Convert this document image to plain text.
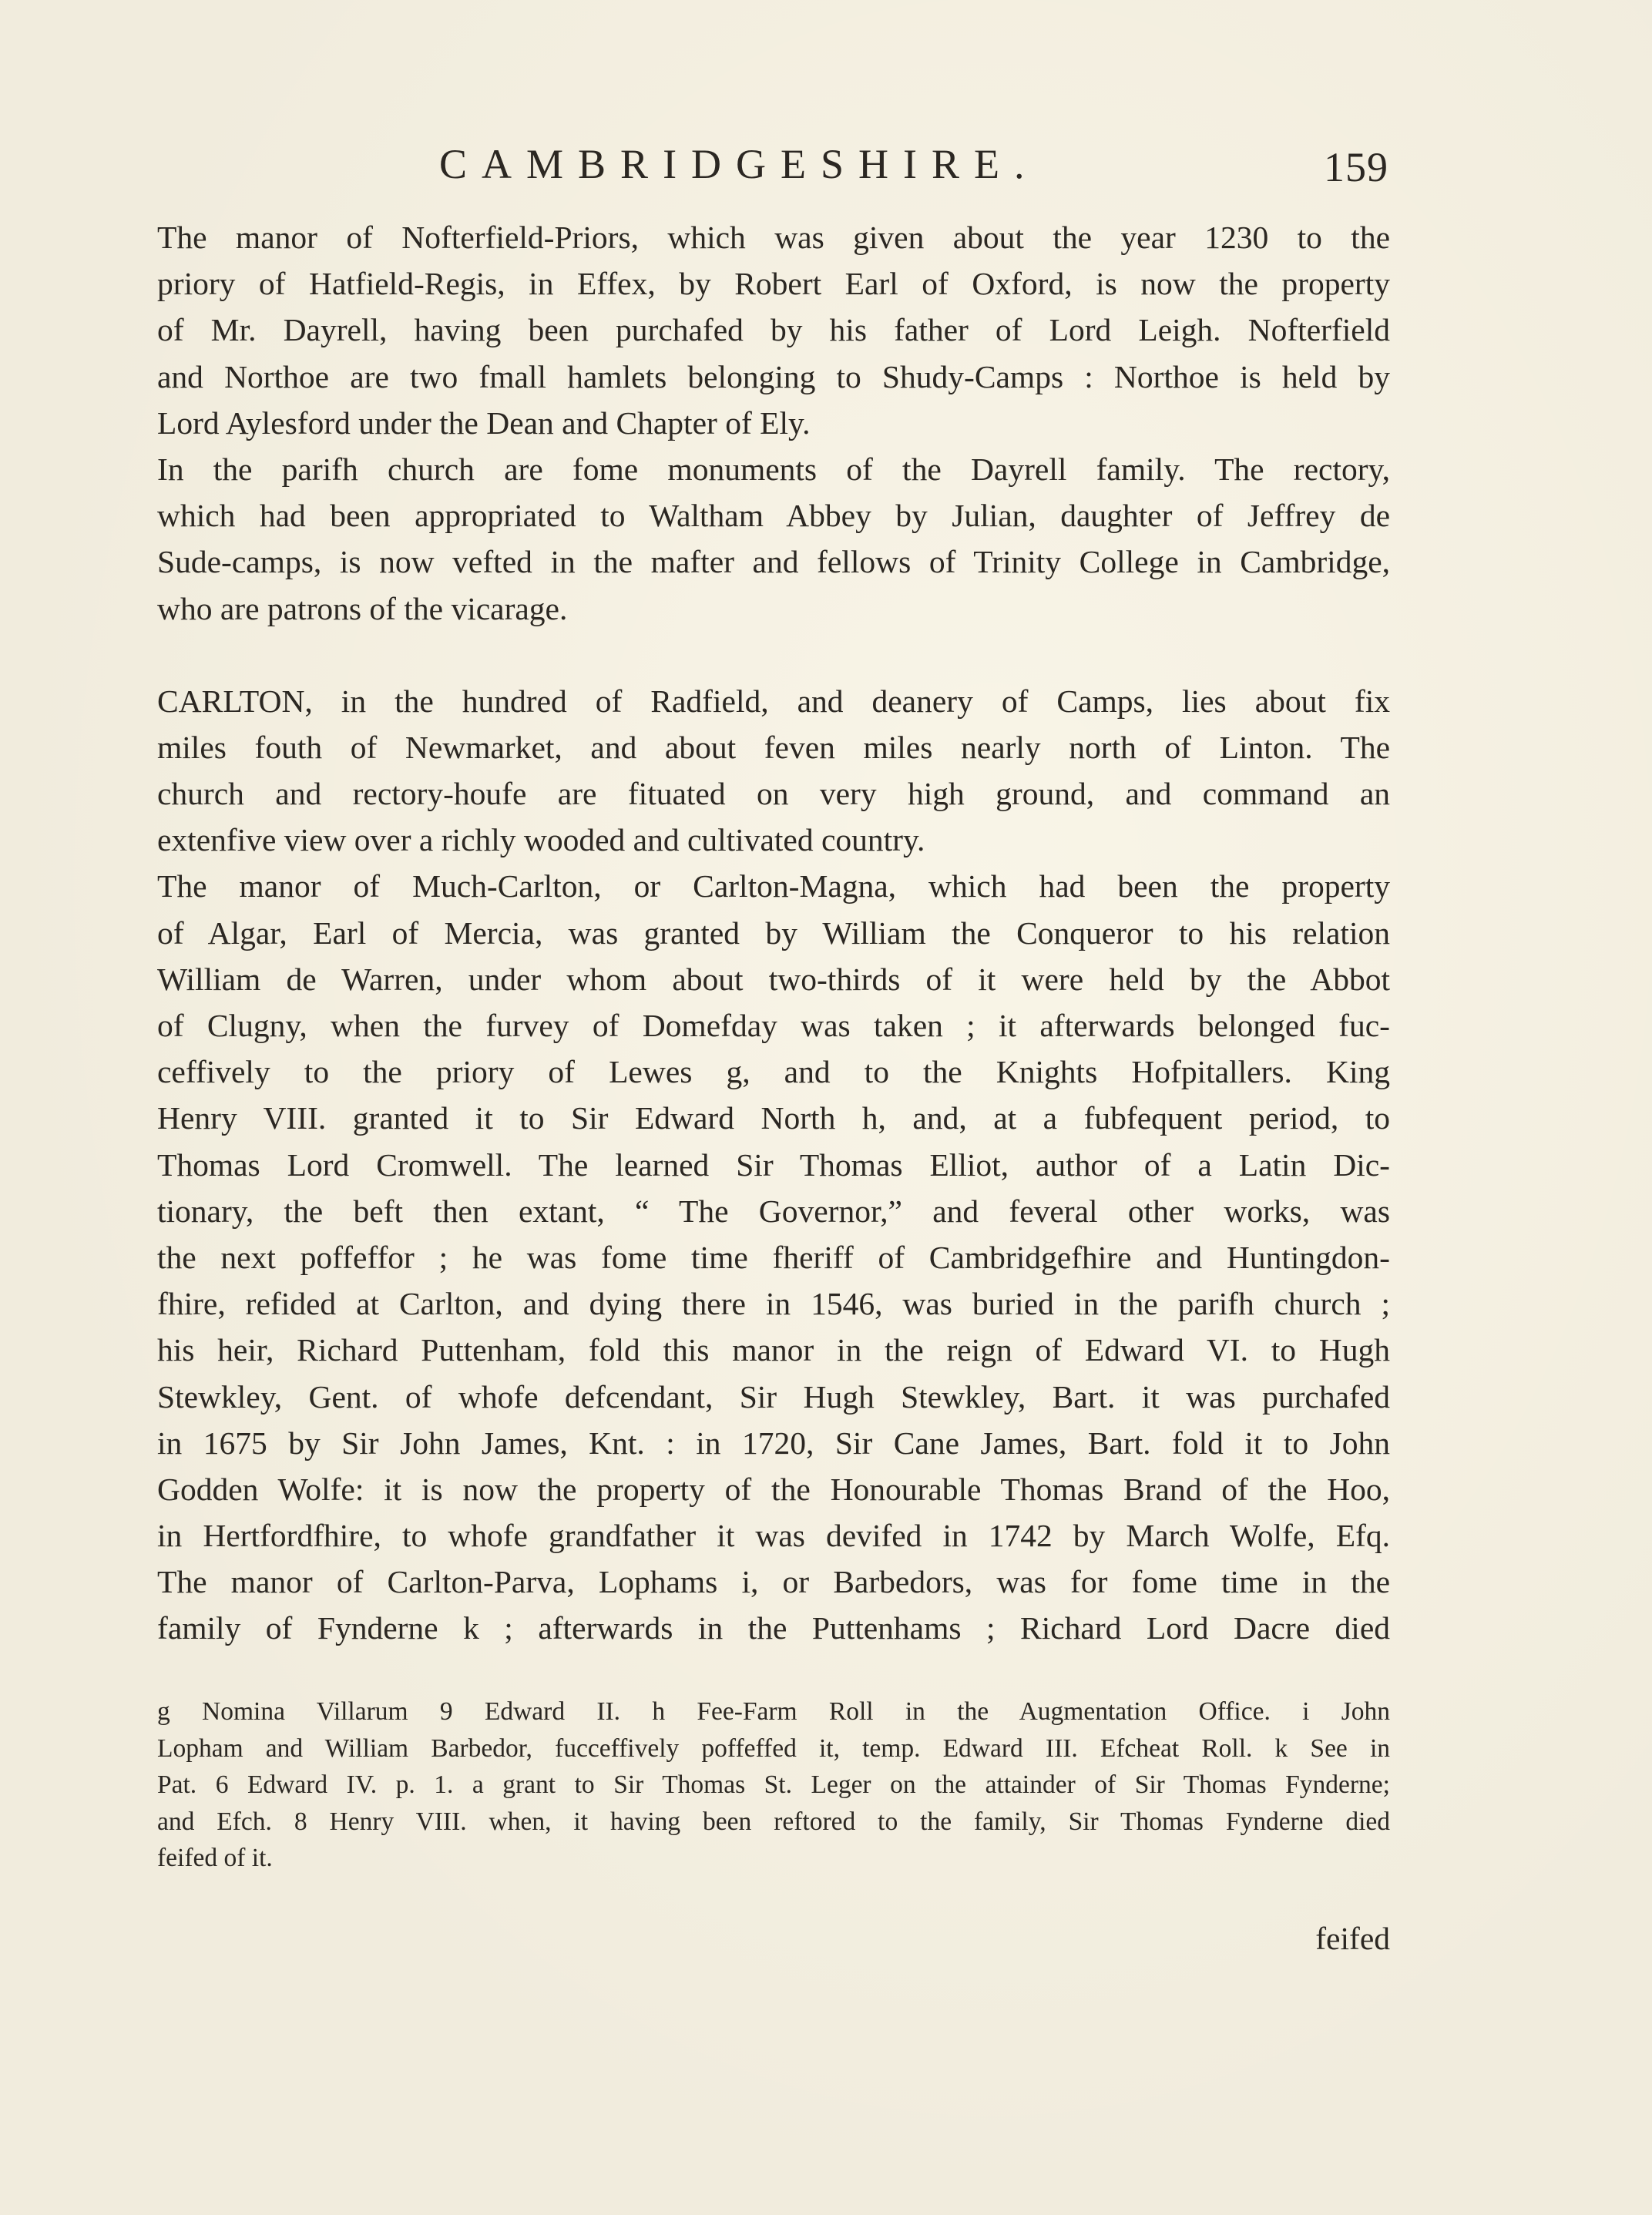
CAMBRIDGESHIRE.	159
The manor of Nofterfield-Priors, which was given about the year 1230 to the
priory of Hatfield-Regis, in Effex, by Robert Earl of Oxford, is now the property
of Mr. Dayrell, having been purchafed by his father of Lord Leigh. Nofterfield
and Northoe are two fmall hamlets belonging to Shudy-Camps : Northoe is held by
Lord Aylesford under the Dean and Chapter of Ely.
In the parifh church are fome monuments of the Dayrell family. The rectory,
which had been appropriated to Waltham Abbey by Julian, daughter of Jeffrey de
Sude-camps, is now vefted in the mafter and fellows of Trinity College in Cambridge,
who are patrons of the vicarage.
CARLTON, in the hundred of Radfield, and deanery of Camps, lies about fix
miles fouth of Newmarket, and about feven miles nearly north of Linton. The
church and rectory-houfe are fituated on very high ground, and command an
extenfive view over a richly wooded and cultivated country.
The manor of Much-Carlton, or Carlton-Magna, which had been the property
of Algar, Earl of Mercia, was granted by William the Conqueror to his relation
William de Warren, under whom about two-thirds of it were held by the Abbot
of Clugny, when the furvey of Domefday was taken ; it afterwards belonged fuc-
ceffively to the priory of Lewes g, and to the Knights Hofpitallers. King
Henry VIII. granted it to Sir Edward North h, and, at a fubfequent period, to
Thomas Lord Cromwell. The learned Sir Thomas Elliot, author of a Latin Dic-
tionary, the beft then extant, “ The Governor,” and feveral other works, was
the next poffeffor ; he was fome time fheriff of Cambridgefhire and Huntingdon-
fhire, refided at Carlton, and dying there in 1546, was buried in the parifh church ;
his heir, Richard Puttenham, fold this manor in the reign of Edward VI. to Hugh
Stewkley, Gent. of whofe defcendant, Sir Hugh Stewkley, Bart. it was purchafed
in 1675 by Sir John James, Knt. : in 1720, Sir Cane James, Bart. fold it to John
Godden Wolfe: it is now the property of the Honourable Thomas Brand of the Hoo,
in Hertfordfhire, to whofe grandfather it was devifed in 1742 by March Wolfe, Efq.
The manor of Carlton-Parva, Lophams i, or Barbedors, was for fome time in the
family of Fynderne k ; afterwards in the Puttenhams ; Richard Lord Dacre died
g Nomina Villarum 9 Edward II. h Fee-Farm Roll in the Augmentation Office. i John
Lopham and William Barbedor, fucceffively poffeffed it, temp. Edward III. Efcheat Roll. k See in
Pat. 6 Edward IV. p. 1. a grant to Sir Thomas St. Leger on the attainder of Sir Thomas Fynderne;
and Efch. 8 Henry VIII. when, it having been reftored to the family, Sir Thomas Fynderne died
feifed of it.
feifed
